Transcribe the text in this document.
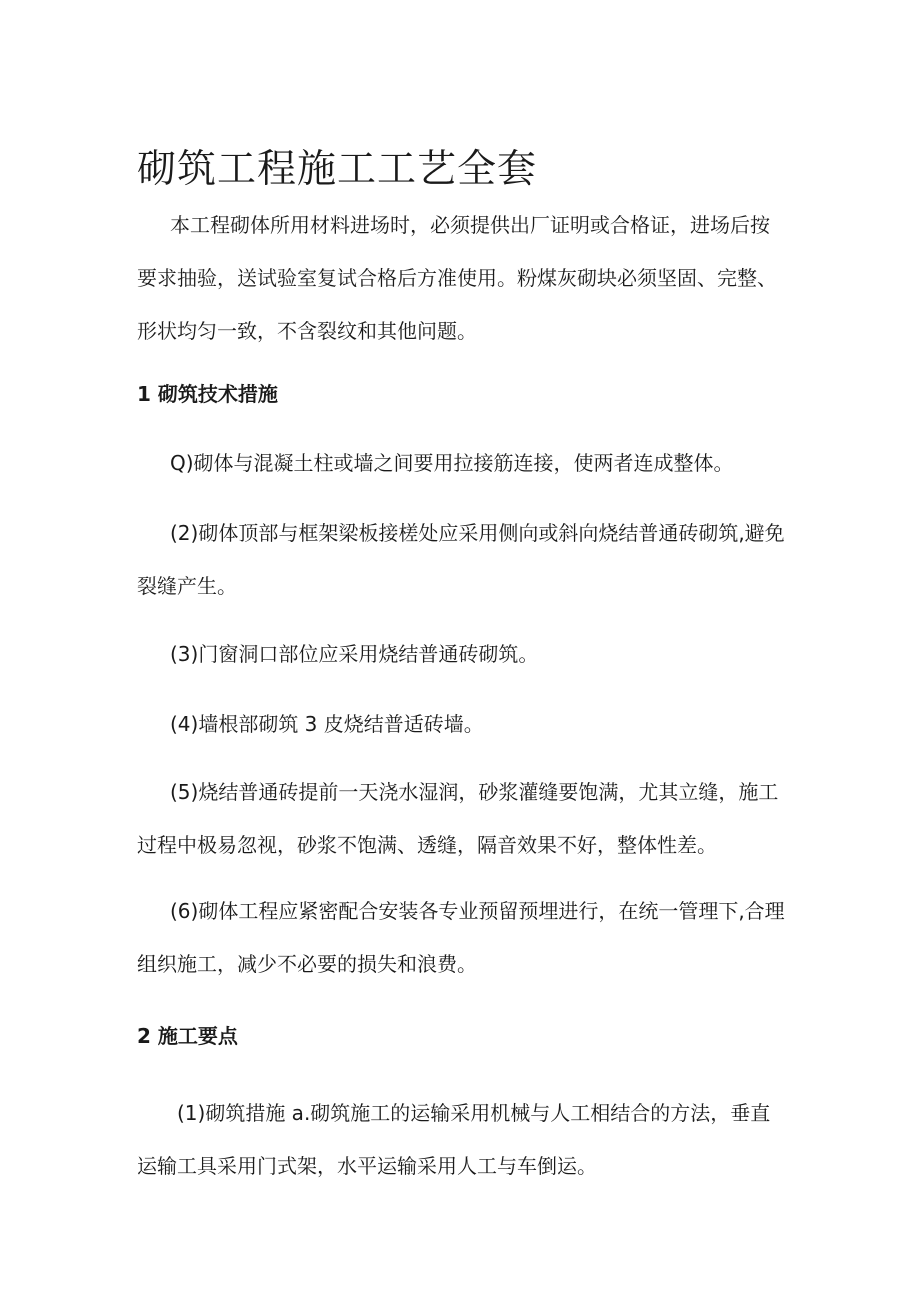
砌筑工程施工工艺全套

本工程砌体所用材料进场时，必须提供出厂证明或合格证，进场后按要求抽验，送试验室复试合格后方准使用。粉煤灰砌块必须坚固、完整、形状均匀一致，不含裂纹和其他问题。

1 砌筑技术措施

Q)砌体与混凝土柱或墙之间要用拉接筋连接，使两者连成整体。

(2)砌体顶部与框架梁板接槎处应采用侧向或斜向烧结普通砖砌筑,避免裂缝产生。

(3)门窗洞口部位应采用烧结普通砖砌筑。

(4)墙根部砌筑 3 皮烧结普适砖墙。

(5)烧结普通砖提前一天浇水湿润，砂浆灌缝要饱满，尤其立缝，施工过程中极易忽视，砂浆不饱满、透缝，隔音效果不好，整体性差。

(6)砌体工程应紧密配合安装各专业预留预埋进行，在统一管理下,合理组织施工，减少不必要的损失和浪费。

2 施工要点

(1)砌筑措施 a.砌筑施工的运输采用机械与人工相结合的方法，垂直运输工具采用门式架，水平运输采用人工与车倒运。
